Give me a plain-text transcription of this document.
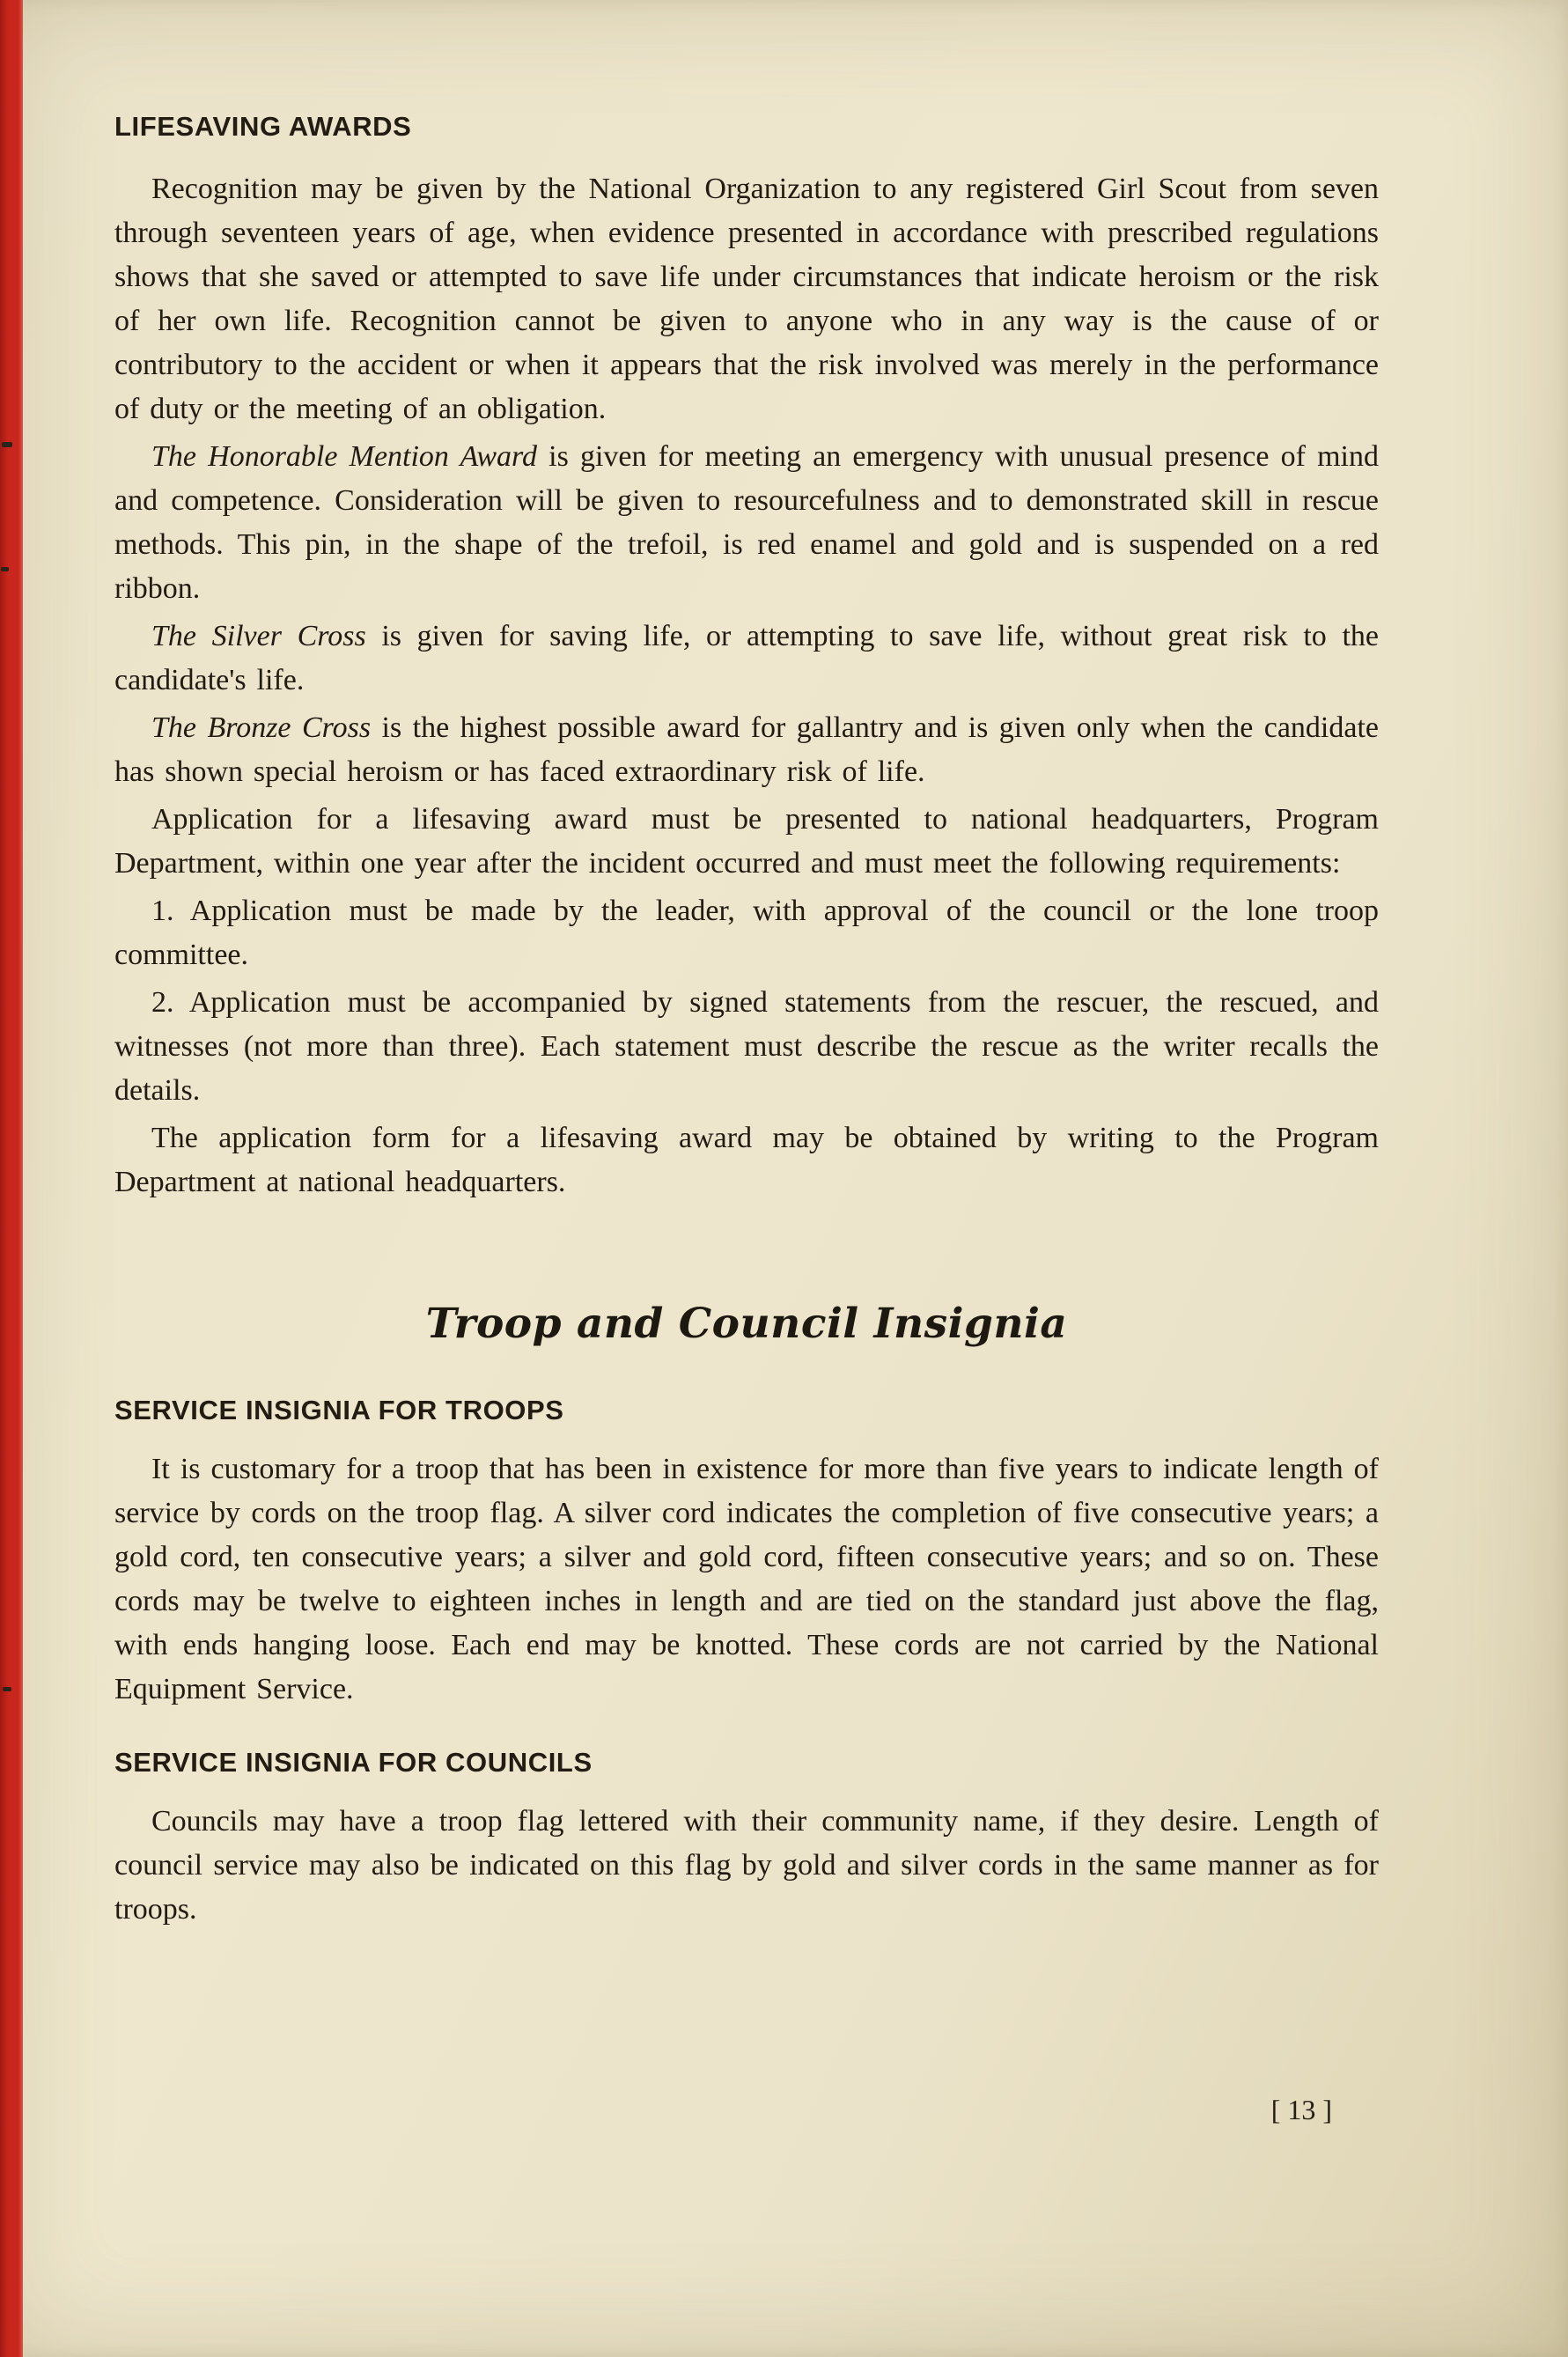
LIFESAVING AWARDS

Recognition may be given by the National Organization to any registered Girl Scout from seven through seventeen years of age, when evidence presented in accordance with prescribed regulations shows that she saved or attempted to save life under circumstances that indicate heroism or the risk of her own life. Recognition cannot be given to anyone who in any way is the cause of or contributory to the accident or when it appears that the risk involved was merely in the performance of duty or the meeting of an obligation.

The Honorable Mention Award is given for meeting an emergency with unusual presence of mind and competence. Consideration will be given to resourcefulness and to demonstrated skill in rescue methods. This pin, in the shape of the trefoil, is red enamel and gold and is suspended on a red ribbon.

The Silver Cross is given for saving life, or attempting to save life, without great risk to the candidate's life.

The Bronze Cross is the highest possible award for gallantry and is given only when the candidate has shown special heroism or has faced extraordinary risk of life.

Application for a lifesaving award must be presented to national headquarters, Program Department, within one year after the incident occurred and must meet the following requirements:

1. Application must be made by the leader, with approval of the council or the lone troop committee.

2. Application must be accompanied by signed statements from the rescuer, the rescued, and witnesses (not more than three). Each statement must describe the rescue as the writer recalls the details.

The application form for a lifesaving award may be obtained by writing to the Program Department at national headquarters.

Troop and Council Insignia
SERVICE INSIGNIA FOR TROOPS

It is customary for a troop that has been in existence for more than five years to indicate length of service by cords on the troop flag. A silver cord indicates the completion of five consecutive years; a gold cord, ten consecutive years; a silver and gold cord, fifteen consecutive years; and so on. These cords may be twelve to eighteen inches in length and are tied on the standard just above the flag, with ends hanging loose. Each end may be knotted. These cords are not carried by the National Equipment Service.

SERVICE INSIGNIA FOR COUNCILS

Councils may have a troop flag lettered with their community name, if they desire. Length of council service may also be indicated on this flag by gold and silver cords in the same manner as for troops.

[ 13 ]
